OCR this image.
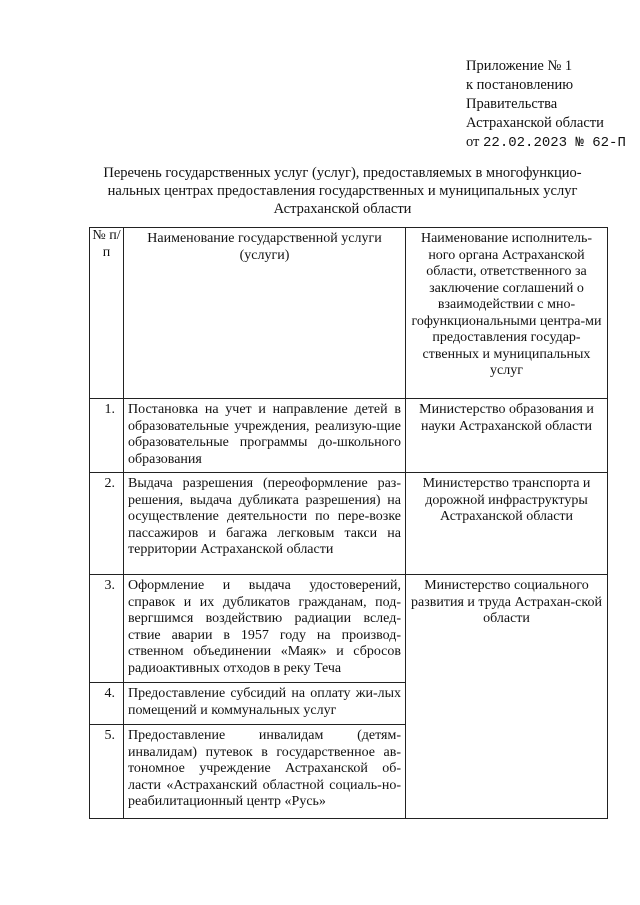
Приложение № 1
к постановлению
Правительства
Астраханской области
от 22.02.2023 № 62-П
Перечень государственных услуг (услуг), предоставляемых в многофункцио-
нальных центрах предоставления государственных и муниципальных услуг
Астраханской области
№ п/п	Наименование государственной услуги (услуги)	Наименование исполнитель-ного органа Астраханской области, ответственного за заключение соглашений о взаимодействии с мно-гофункциональными центра-ми предоставления государ-ственных и муниципальных услуг
1.	Постановка на учет и направление детей в образовательные учреждения, реализую-щие образовательные программы до-школьного образования	Министерство образования и науки Астраханской области
2.	Выдача разрешения (переоформление раз-решения, выдача дубликата разрешения) на осуществление деятельности по пере-возке пассажиров и багажа легковым такси на территории Астраханской области	Министерство транспорта и дорожной инфраструктуры Астраханской области
3.	Оформление и выдача удостоверений, справок и их дубликатов гражданам, под-вергшимся воздействию радиации вслед-ствие аварии в 1957 году на производ-ственном объединении «Маяк» и сбросов радиоактивных отходов в реку Теча	Министерство социального развития и труда Астрахан-ской области
4.	Предоставление субсидий на оплату жи-лых помещений и коммунальных услуг	
5.	Предоставление инвалидам (детям-инвалидам) путевок в государственное ав-тономное учреждение Астраханской об-ласти «Астраханский областной социаль-но-реабилитационный центр «Русь»	
